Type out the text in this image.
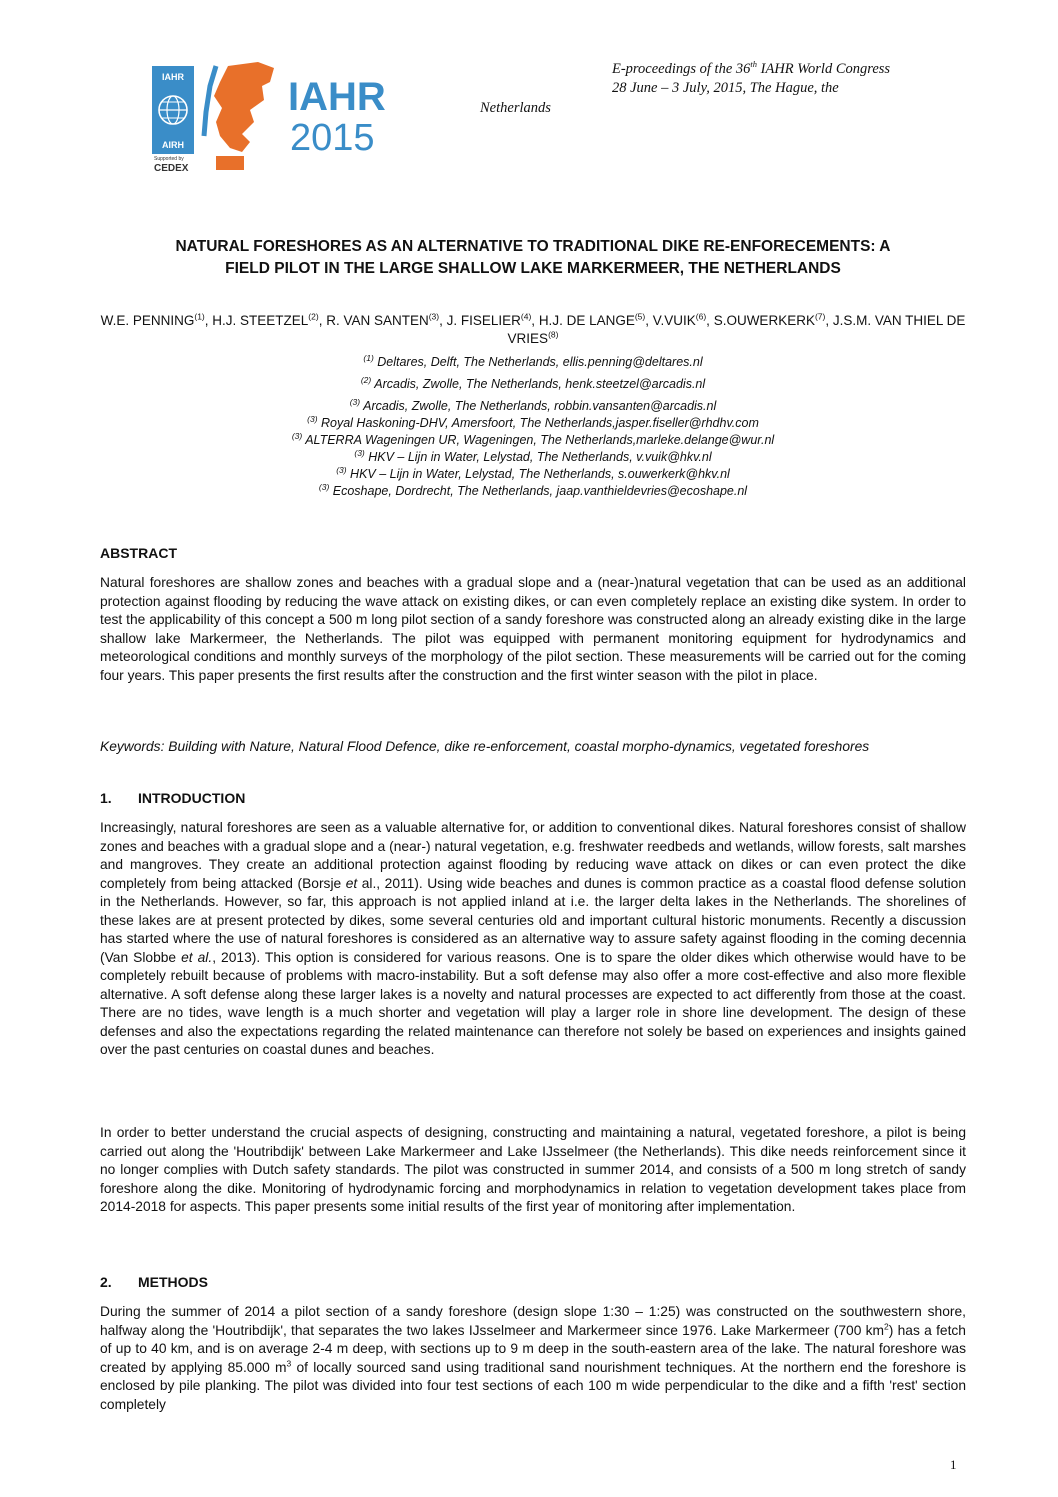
IAHR
AIRH
IAHR
2015
Supported by
CEDEX
E-proceedings of the 36th IAHR World Congress
28 June – 3 July, 2015, The Hague, the
Netherlands
NATURAL FORESHORES AS AN ALTERNATIVE TO TRADITIONAL DIKE RE-ENFORECEMENTS: A
FIELD PILOT IN THE LARGE SHALLOW LAKE MARKERMEER, THE NETHERLANDS
W.E. PENNING$^{(1)}$, H.J. STEETZEL$^{(2)}$, R. VAN SANTEN$^{(3)}$, J. FISELIER$^{(4)}$, H.J. DE LANGE$^{(5)}$, V.VUIK$^{(6)}$, S.OUWERKERK$^{(7)}$, J.S.M. VAN THIEL DE VRIES$^{(8)}$
$^{(1)}$ Deltares, Delft, The Netherlands, ellis.penning@deltares.nl
$^{(2)}$ Arcadis, Zwolle, The Netherlands, henk.steetzel@arcadis.nl
$^{(3)}$ Arcadis, Zwolle, The Netherlands, robbin.vansanten@arcadis.nl
$^{(3)}$ Royal Haskoning-DHV, Amersfoort, The Netherlands,jasper.fiseller@rhdhv.com
$^{(3)}$ ALTERRA Wageningen UR, Wageningen, The Netherlands,marleke.delange@wur.nl
$^{(3)}$ HKV – Lijn in Water, Lelystad, The Netherlands, v.vuik@hkv.nl
$^{(3)}$ HKV – Lijn in Water, Lelystad, The Netherlands, s.ouwerkerk@hkv.nl
$^{(3)}$ Ecoshape, Dordrecht, The Netherlands, jaap.vanthieldevries@ecoshape.nl
ABSTRACT
Natural foreshores are shallow zones and beaches with a gradual slope and a (near-)natural vegetation that can be used as an additional protection against flooding by reducing the wave attack on existing dikes, or can even completely replace an existing dike system. In order to test the applicability of this concept a 500 m long pilot section of a sandy foreshore was constructed along an already existing dike in the large shallow lake Markermeer, the Netherlands. The pilot was equipped with permanent monitoring equipment for hydrodynamics and meteorological conditions and monthly surveys of the morphology of the pilot section. These measurements will be carried out for the coming four years. This paper presents the first results after the construction and the first winter season with the pilot in place.
Keywords: Building with Nature, Natural Flood Defence, dike re-enforcement, coastal morpho-dynamics, vegetated foreshores
1. INTRODUCTION
Increasingly, natural foreshores are seen as a valuable alternative for, or addition to conventional dikes. Natural foreshores consist of shallow zones and beaches with a gradual slope and a (near-) natural vegetation, e.g. freshwater reedbeds and wetlands, willow forests, salt marshes and mangroves. They create an additional protection against flooding by reducing wave attack on dikes or can even protect the dike completely from being attacked (Borsje et al., 2011). Using wide beaches and dunes is common practice as a coastal flood defense solution in the Netherlands. However, so far, this approach is not applied inland at i.e. the larger delta lakes in the Netherlands. The shorelines of these lakes are at present protected by dikes, some several centuries old and important cultural historic monuments. Recently a discussion has started where the use of natural foreshores is considered as an alternative way to assure safety against flooding in the coming decennia (Van Slobbe et al., 2013). This option is considered for various reasons. One is to spare the older dikes which otherwise would have to be completely rebuilt because of problems with macro-instability. But a soft defense may also offer a more cost-effective and also more flexible alternative. A soft defense along these larger lakes is a novelty and natural processes are expected to act differently from those at the coast. There are no tides, wave length is a much shorter and vegetation will play a larger role in shore line development. The design of these defenses and also the expectations regarding the related maintenance can therefore not solely be based on experiences and insights gained over the past centuries on coastal dunes and beaches.
In order to better understand the crucial aspects of designing, constructing and maintaining a natural, vegetated foreshore, a pilot is being carried out along the 'Houtribdijk' between Lake Markermeer and Lake IJsselmeer (the Netherlands). This dike needs reinforcement since it no longer complies with Dutch safety standards. The pilot was constructed in summer 2014, and consists of a 500 m long stretch of sandy foreshore along the dike. Monitoring of hydrodynamic forcing and morphodynamics in relation to vegetation development takes place from 2014-2018 for aspects. This paper presents some initial results of the first year of monitoring after implementation.
2. METHODS
During the summer of 2014 a pilot section of a sandy foreshore (design slope 1:30 – 1:25) was constructed on the southwestern shore, halfway along the 'Houtribdijk', that separates the two lakes IJsselmeer and Markermeer since 1976. Lake Markermeer (700 $km^2$) has a fetch of up to 40 km, and is on average 2-4 m deep, with sections up to 9 m deep in the south-eastern area of the lake. The natural foreshore was created by applying 85.000 $m^3$ of locally sourced sand using traditional sand nourishment techniques. At the northern end the foreshore is enclosed by pile planking. The pilot was divided into four test sections of each 100 m wide perpendicular to the dike and a fifth 'rest' section completely
1
